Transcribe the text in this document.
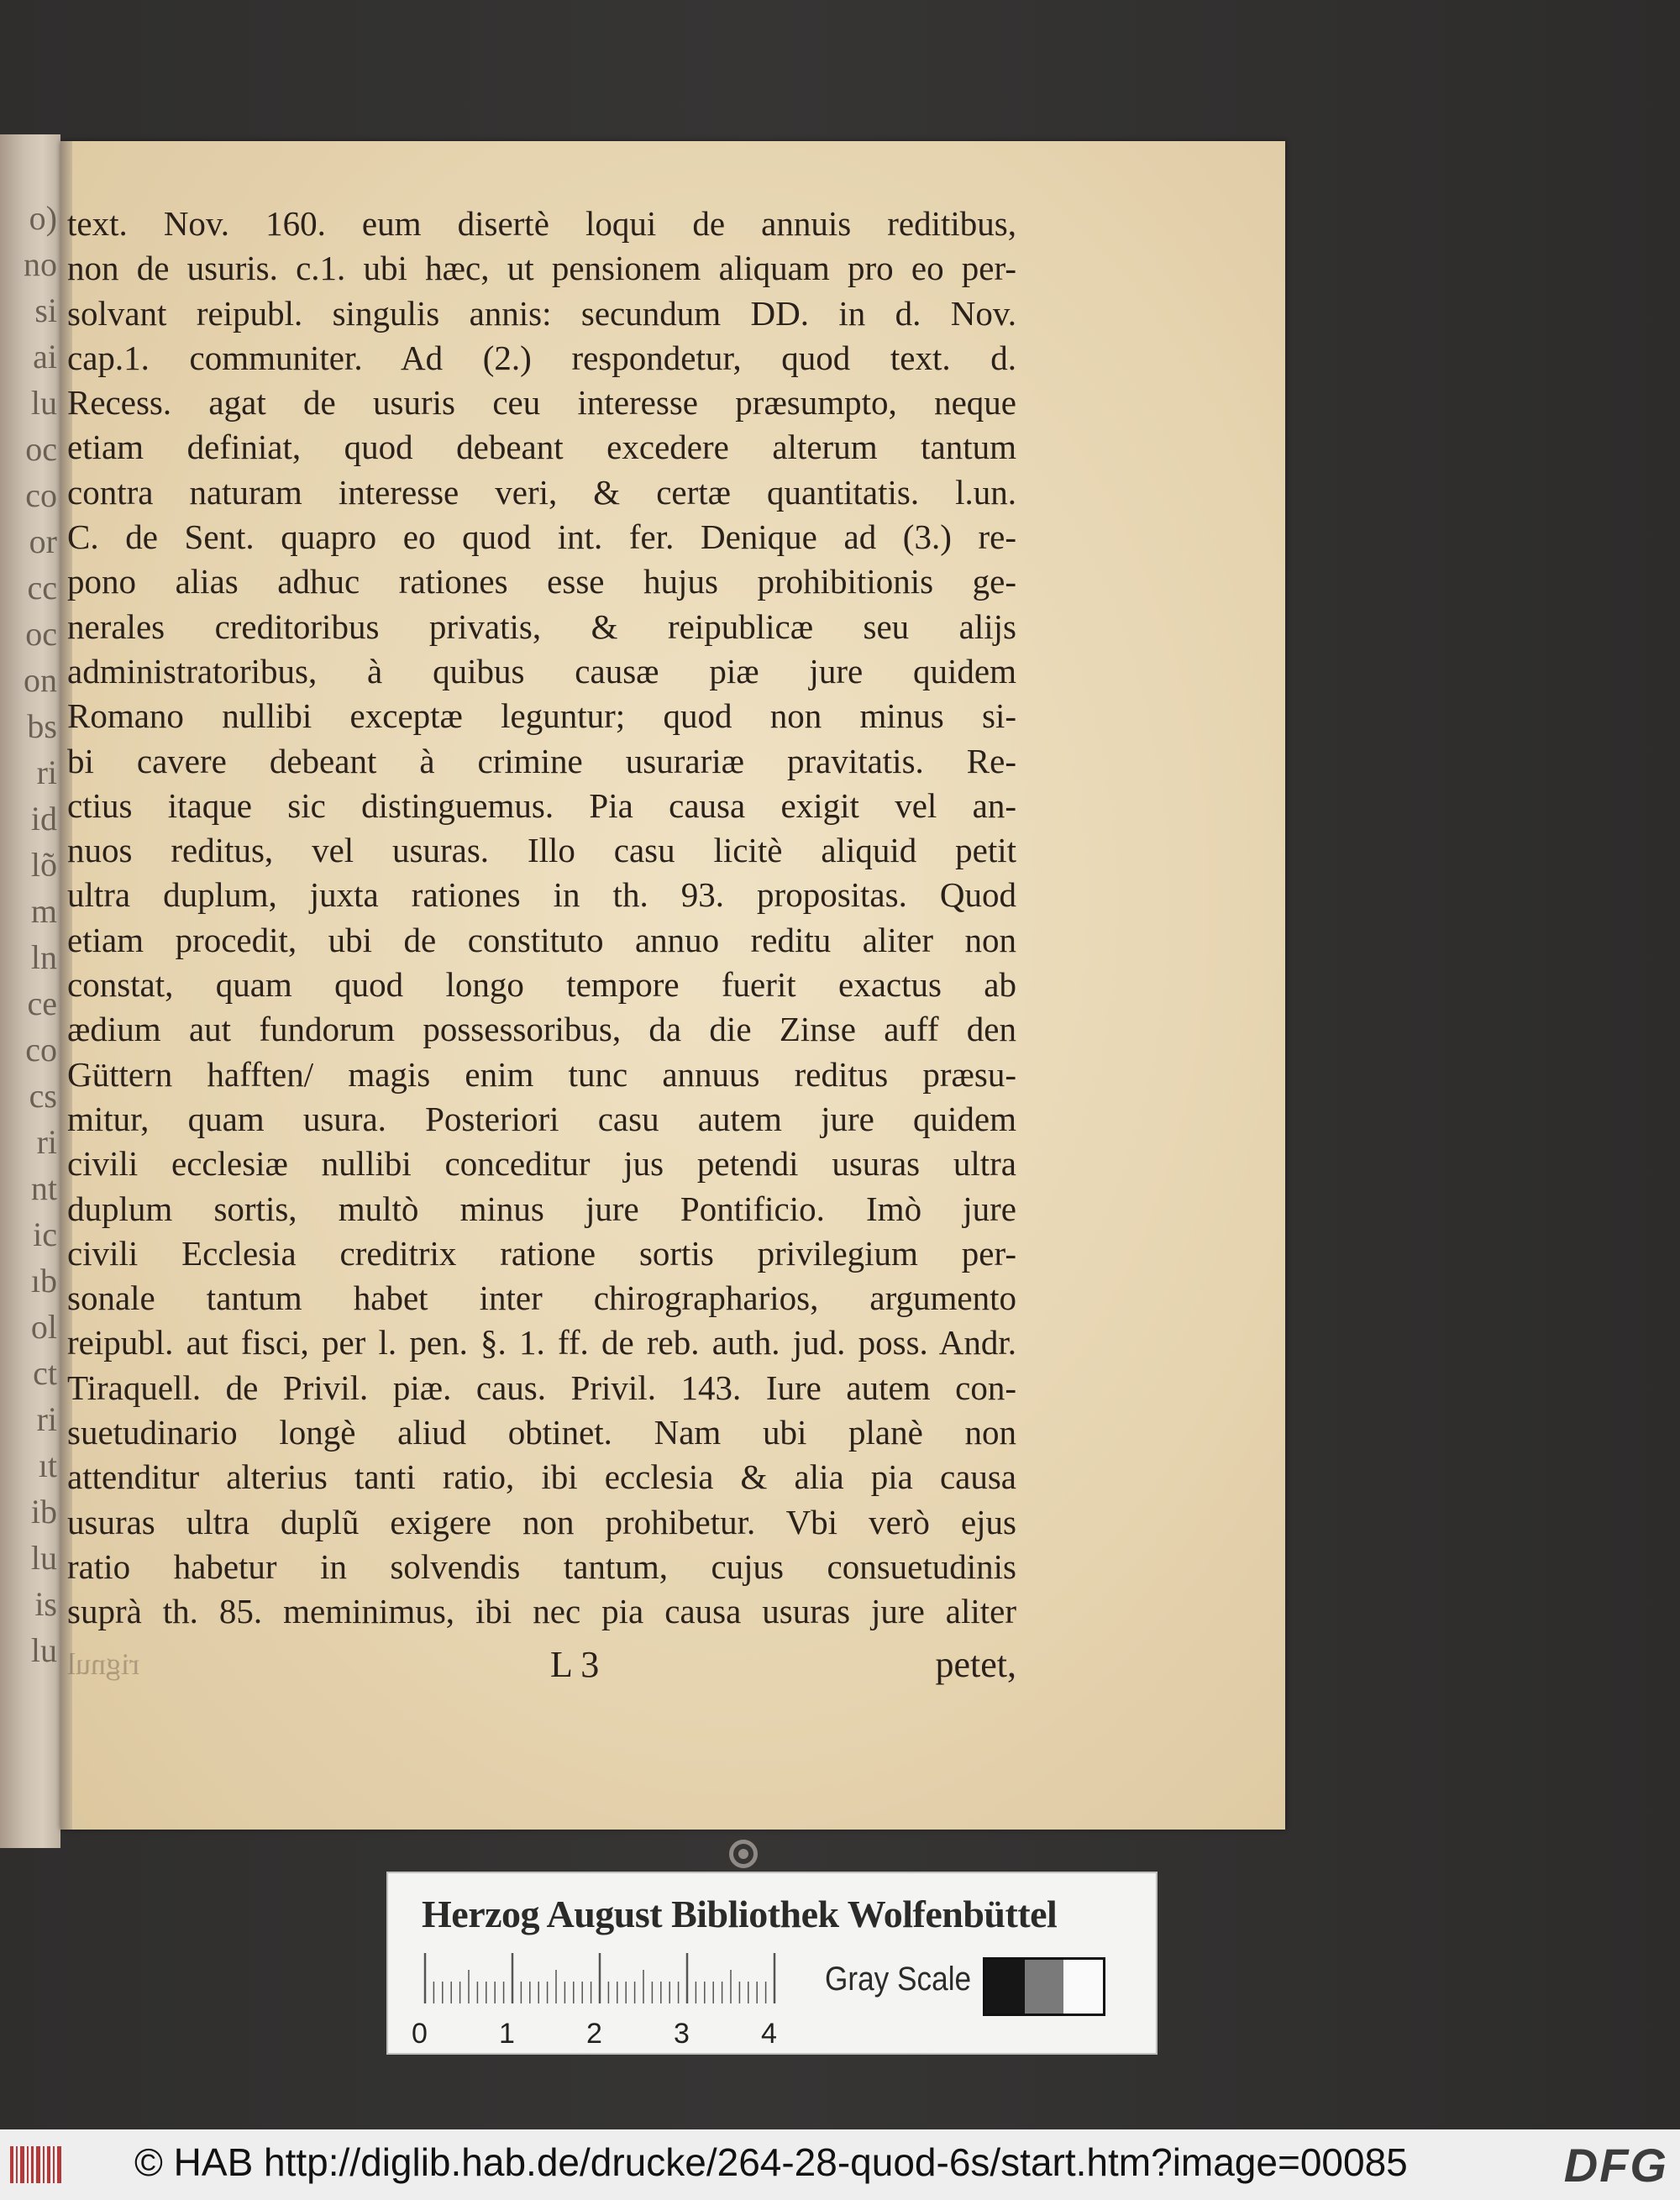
o)
no
si
ai
lu
oc
co
or
cc
oc
on
bs
ri
id
lõ
m
ln
ce
co
cs
ri
nt
ic
ıb
ol
ct
ri
ıt
ib
lu
is
lu
text. Nov. 160. eum disertè loqui de annuis reditibus,
non de usuris. c.1. ubi hæc, ut pensionem aliquam pro eo per-
solvant reipubl. singulis annis: secundum DD. in d. Nov.
cap.1. communiter. Ad (2.) respondetur, quod text. d.
Recess. agat de usuris ceu interesse præsumpto, neque
etiam definiat, quod debeant excedere alterum tantum
contra naturam interesse veri, & certæ quantitatis. l.un.
C. de Sent. quapro eo quod int. fer. Denique ad (3.) re-
pono alias adhuc rationes esse hujus prohibitionis ge-
nerales creditoribus privatis, & reipublicæ seu alijs
administratoribus, à quibus causæ piæ jure quidem
Romano nullibi exceptæ leguntur; quod non minus si-
bi cavere debeant à crimine usurariæ pravitatis. Re-
ctius itaque sic distinguemus. Pia causa exigit vel an-
nuos reditus, vel usuras. Illo casu licitè aliquid petit
ultra duplum, juxta rationes in th. 93. propositas. Quod
etiam procedit, ubi de constituto annuo reditu aliter non
constat, quam quod longo tempore fuerit exactus ab
ædium aut fundorum possessoribus, da die Zinse auff den
Güttern hafften/ magis enim tunc annuus reditus præsu-
mitur, quam usura. Posteriori casu autem jure quidem
civili ecclesiæ nullibi conceditur jus petendi usuras ultra
duplum sortis, multò minus jure Pontificio. Imò jure
civili Ecclesia creditrix ratione sortis privilegium per-
sonale tantum habet inter chirographarios, argumento
reipubl. aut fisci, per l. pen. §. 1. ff. de reb. auth. jud. poss. Andr.
Tiraquell. de Privil. piæ. caus. Privil. 143. Iure autem con-
suetudinario longè aliud obtinet. Nam ubi planè non
attenditur alterius tanti ratio, ibi ecclesia & alia pia causa
usuras ultra duplũ exigere non prohibetur. Vbi verò ejus
ratio habetur in solvendis tantum, cujus consuetudinis
suprà th. 85. meminimus, ibi nec pia causa usuras jure aliter
rignul	L 3	petet,
Herzog August Bibliothek Wolfenbüttel
0	1	2	3	4
Gray Scale
© HAB http://diglib.hab.de/drucke/264-28-quod-6s/start.htm?image=00085	DFG
